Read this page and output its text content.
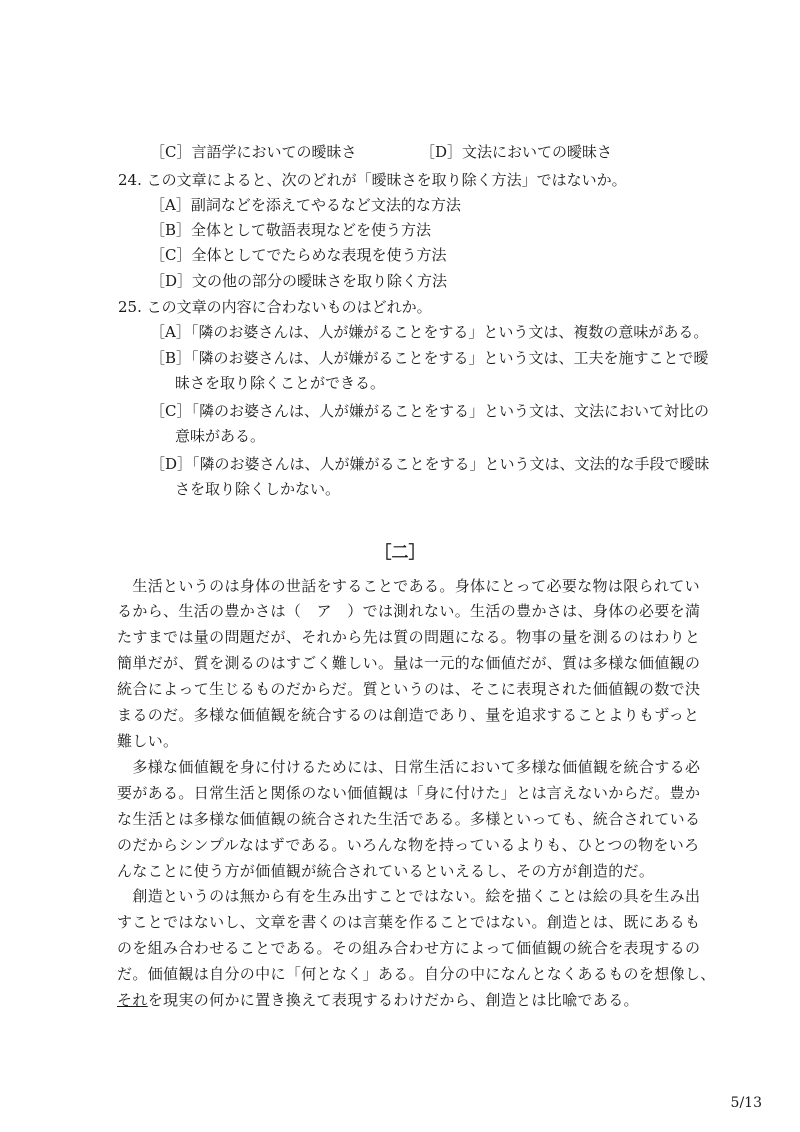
［C］言語学においての曖昧さ	［D］文法においての曖昧さ
24. この文章によると、次のどれが「曖昧さを取り除く方法」ではないか。
［A］副詞などを添えてやるなど文法的な方法
［B］全体として敬語表現などを使う方法
［C］全体としてでたらめな表現を使う方法
［D］文の他の部分の曖昧さを取り除く方法
25. この文章の内容に合わないものはどれか。
［A］「隣のお婆さんは、人が嫌がることをする」という文は、複数の意味がある。
［B］「隣のお婆さんは、人が嫌がることをする」という文は、工夫を施すことで曖
昧さを取り除くことができる。
［C］「隣のお婆さんは、人が嫌がることをする」という文は、文法において対比の
意味がある。
［D］「隣のお婆さんは、人が嫌がることをする」という文は、文法的な手段で曖昧
さを取り除くしかない。
［二］
　生活というのは身体の世話をすることである。身体にとって必要な物は限られてい
るから、生活の豊かさは（　ア　）では測れない。生活の豊かさは、身体の必要を満
たすまでは量の問題だが、それから先は質の問題になる。物事の量を測るのはわりと
簡単だが、質を測るのはすごく難しい。量は一元的な価値だが、質は多様な価値観の
統合によって生じるものだからだ。質というのは、そこに表現された価値観の数で決
まるのだ。多様な価値観を統合するのは創造であり、量を追求することよりもずっと
難しい。
　多様な価値観を身に付けるためには、日常生活において多様な価値観を統合する必
要がある。日常生活と関係のない価値観は「身に付けた」とは言えないからだ。豊か
な生活とは多様な価値観の統合された生活である。多様といっても、統合されている
のだからシンプルなはずである。いろんな物を持っているよりも、ひとつの物をいろ
んなことに使う方が価値観が統合されているといえるし、その方が創造的だ。
　創造というのは無から有を生み出すことではない。絵を描くことは絵の具を生み出
すことではないし、文章を書くのは言葉を作ることではない。創造とは、既にあるも
のを組み合わせることである。その組み合わせ方によって価値観の統合を表現するの
だ。価値観は自分の中に「何となく」ある。自分の中になんとなくあるものを想像し、
それを現実の何かに置き換えて表現するわけだから、創造とは比喩である。
5/13
